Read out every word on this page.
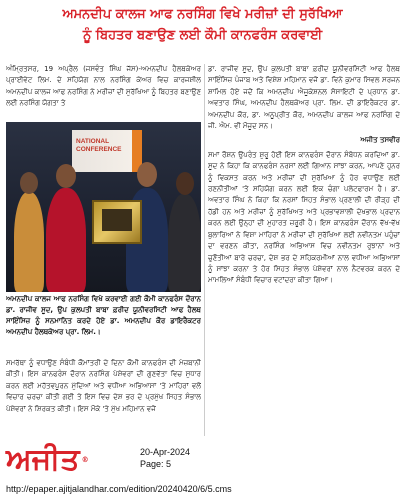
ਅਮਨਦੀਪ ਕਾਲਜ ਆਫ ਨਰਸਿੰਗ ਵਿਖੇ ਮਰੀਜ਼ਾਂ ਦੀ ਸੁਰੱਖਿਆ
ਨੂੰ ਬਿਹਤਰ ਬਣਾਉਣ ਲਈ ਕੌਮੀ ਕਾਨਫਰੰਸ ਕਰਵਾਈ

ਅੰਮ੍ਰਿਤਸਰ, 19 ਅਪ੍ਰੈਲ (ਜਸਵੰਤ ਸਿੰਘ ਜੱਸ)-ਅਮਨਦੀਪ ਹੈਲਥਕੇਅਰ ਪ੍ਰਾਈਵੇਟ ਲਿਮ. ਦੇ ਸਹਿਯੋਗ ਨਾਲ ਨਰਸਿੰਗ ਕੇਅਰ ਵਿਚ ਕਾਰਜਸ਼ੀਲ ਅਮਨਦੀਪ ਕਾਲਜ ਆਫ ਨਰਸਿੰਗ ਨੇ ਮਰੀਜ਼ਾਂ ਦੀ ਸੁਰੱਖਿਆ ਨੂੰ ਬਿਹਤਰ ਬਣਾਉਣ ਲਈ ਨਰਸਿੰਗ ਯੋਗਤਾ ਤੇ

NATIONAL CONFERENCE
ਅਮਨਦੀਪ ਕਾਲਜ ਆਫ ਨਰਸਿੰਗ ਵਿਖੇ ਕਰਵਾਈ ਗਈ ਕੌਮੀ ਕਾਨਫਰੰਸ ਦੌਰਾਨ ਡਾ. ਰਾਜੀਵ ਸੂਦ, ਉਪ ਕੁਲਪਤੀ ਬਾਬਾ ਫ਼ਰੀਦ ਯੂਨੀਵਰਸਿਟੀ ਆਫ ਹੈਲਥ ਸਾਇੰਸਿਜ਼ ਨੂੰ ਸਨਮਾਨਿਤ ਕਰਦੇ ਹੋਏ ਡਾ. ਅਮਨਦੀਪ ਕੌਰ ਡਾਇਰੈਕਟਰ ਅਮਨਦੀਪ ਹੈਲਥਕੇਅਰ ਪ੍ਰਾ. ਲਿਮ.।

ਸਮਰੱਥਾ ਨੂੰ ਵਧਾਉਣ ਸੰਬੰਧੀ ਕੌਮਾਂਤਰੀ ਦੇ ਦਿਨਾ ਕੌਮੀ ਕਾਨਫਰੰਸ ਦੀ ਮੇਜ਼ਬਾਨੀ ਕੀਤੀ। ਇਸ ਕਾਨਫਰੰਸ ਦੌਰਾਨ ਨਰਸਿੰਗ ਪੇਸ਼ੇਵਰਾਂ ਦੀ ਗੁਣਵੱਤਾ ਵਿਚ ਸੁਧਾਰ ਕਰਨ ਲਈ ਮਹੱਤਵਪੂਰਨ ਮੁੱਦਿਆਂ ਅਤੇ ਵਧੀਆ ਅਭਿਆਸਾਂ 'ਤੇ ਮਾਹਿਰਾਂ ਵਲੋਂ ਵਿਚਾਰ ਚਰਚਾ ਕੀਤੀ ਗਈ ਤੇ ਇਸ ਵਿਚ ਦੇਸ਼ ਭਰ ਦੇ ਪ੍ਰਮੁੱਖ ਸਿਹਤ ਸੰਭਾਲ ਪੇਸ਼ੇਵਰਾਂ ਨੇ ਸ਼ਿਰਕਤ ਕੀਤੀ। ਇਸ ਮੌਕੇ 'ਤੇ ਮੁੱਖ ਮਹਿਮਾਨ ਵਜੋਂ

ਡਾ. ਰਾਜੀਵ ਸੂਦ, ਉਪ ਕੁਲਪਤੀ ਬਾਬਾ ਫ਼ਰੀਦ ਯੂਨੀਵਰਸਿਟੀ ਆਫ ਹੈਲਥ ਸਾਇੰਸਿਜ਼ ਪੰਜਾਬ ਅਤੇ ਵਿਸ਼ੇਸ਼ ਮਹਿਮਾਨ ਵਜੋਂ ਡਾ. ਵਿਨੇ ਕੁਮਾਰ ਸਿਵਲ ਸਰਜਨ ਸ਼ਾਮਿਲ ਹੋਏ ਜਦੋਂ ਕਿ ਅਮਨਦੀਪ ਐਜੂਕੇਸ਼ਨਲ ਸੋਸਾਇਟੀ ਦੇ ਪ੍ਰਧਾਨ ਡਾ. ਅਵਤਾਰ ਸਿੰਘ, ਅਮਨਦੀਪ ਹੈਲਥਕੇਅਰ ਪ੍ਰਾ. ਲਿਮ. ਦੀ ਡਾਇਰੈਕਟਰ ਡਾ. ਅਮਨਦੀਪ ਕੌਰ, ਡਾ. ਅਨੂਪ੍ਰੀਤ ਕੌਰ, ਅਮਨਦੀਪ ਕਾਲਜ ਆਫ ਨਰਸਿੰਗ ਦੇ ਜੀ. ਐਮ. ਵੀ ਮੌਜੂਦ ਸਨ।

ਅਜੀਤ ਤਸਵੀਰ

ਸਮਾਂ ਰੌਸ਼ਨ ਉਪਰੰਤ ਸ਼ੁਰੂ ਹੋਈ ਇਸ ਕਾਨਫਰੰਸ ਦੌਰਾਨ ਸੰਬੋਧਨ ਕਰਦਿਆਂ ਡਾ. ਸੂਦ ਨੇ ਕਿਹਾ ਕਿ ਕਾਨਫਰੰਸ ਨਰਸਾਂ ਲਈ ਗਿਆਨ ਸਾਂਝਾ ਕਰਨ, ਆਪਣੇ ਹੁਨਰ ਨੂੰ ਵਿਕਸਤ ਕਰਨ ਅਤੇ ਮਰੀਜ਼ਾਂ ਦੀ ਸੁਰੱਖਿਆ ਨੂੰ ਹੋਰ ਵਧਾਉਣ ਲਈ ਰਣਨੀਤੀਆਂ 'ਤੇ ਸਹਿਯੋਗ ਕਰਨ ਲਈ ਇਕ ਚੰਗਾ ਪਲੇਟਫਾਰਮ ਹੈ। ਡਾ. ਅਵਤਾਰ ਸਿੰਘ ਨੇ ਕਿਹਾ ਕਿ ਨਰਸਾਂ ਸਿਹਤ ਸੰਭਾਲ ਪ੍ਰਣਾਲੀ ਦੀ ਰੀੜ੍ਹ ਦੀ ਹੱਡੀ ਹਨ ਅਤੇ ਮਰੀਜ਼ਾਂ ਨੂੰ ਸੁਰੱਖਿਅਤ ਅਤੇ ਪ੍ਰਭਾਵਸ਼ਾਲੀ ਦੇਖਭਾਲ ਪ੍ਰਦਾਨ ਕਰਨ ਲਈ ਉਨ੍ਹਾਂ ਦੀ ਮੁਹਾਰਤ ਜ਼ਰੂਰੀ ਹੈ। ਇਸ ਕਾਨਫਰੰਸ ਦੌਰਾਨ ਵੱਖ-ਵੱਖ ਬੁਲਾਰਿਆਂ ਨੇ ਵਿਸ਼ਾ ਮਾਹਿਰਾਂ ਨੇ ਮਰੀਜ਼ਾਂ ਦੀ ਸੁਰੱਖਿਆ ਲਈ ਨਵੀਨਤਮ ਪਹੁੰਚਾਂ ਦਾ ਵਰਣਨ ਕੀਤਾ, ਨਰਸਿੰਗ ਅਭਿਆਸ ਵਿਚ ਨਵੀਨਤਮ ਰੁਝਾਨਾਂ ਅਤੇ ਚੁਣੌਤੀਆਂ ਬਾਰੇ ਚਰਚਾ, ਦੇਸ਼ ਭਰ ਦੇ ਸਹਿਕਰਮੀਆਂ ਨਾਲ ਵਧੀਆ ਅਭਿਆਸਾਂ ਨੂੰ ਸਾਂਝਾ ਕਰਨਾ ਤੇ ਹੋਰ ਸਿਹਤ ਸੰਭਾਲ ਪੇਸ਼ੇਵਰਾਂ ਨਾਲ ਨੈਟਵਰਕ ਕਰਨ ਦੇ ਮਾਮਲਿਆਂ ਸੰਬੰਧੀ ਵਿਚਾਰ ਵਟਾਂਦਰਾ ਕੀਤਾ ਗਿਆ।

ਅਜੀਤ ®
20-Apr-2024
Page: 5
http://epaper.ajitjalandhar.com/edition/20240420/6/5.cms
